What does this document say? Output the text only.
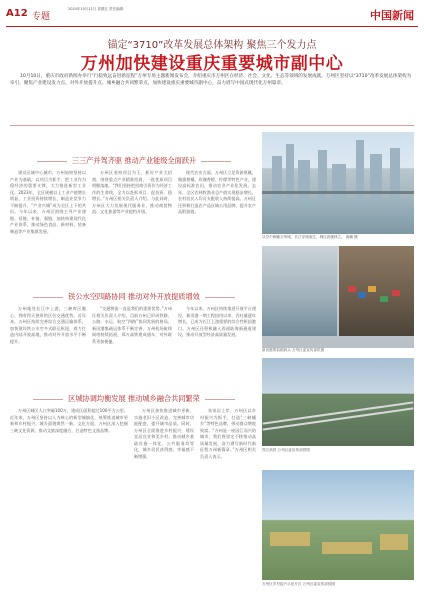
A12 专题
2024年10月11日 星期五 责任编辑：	中国新闻
锚定“3710”改革发展总体架构 聚焦三个发力点
万州加快建设重庆重要城市副中心
10月10日，重庆市政府新闻办举行“行稳致远奋进新征程”万州专场主题新闻发布会，介绍重庆市万州区在经济、社会、文化、生态等领域的发展成就。万州区坚持以“3710”改革发展总体架构为牵引，聚焦产业建设发力点、对外开放提升点、城乡融合共同繁荣点，加快建设重庆重要城市副中心，奋力谱写中国式现代化万州篇章。
三三产并驾齐驱 推动产业能级全面跃升

建设区域中心城市，万州始终坚持以产业为基础，以项目为抓手，把工业作为稳经济的重要支撑，大力推进新型工业化。2023年，全区规模以上工业产值增长明显，工业投资持续增长，制造业竞争力不断提升，“产业兴城”成为全区上下的共识。今年以来，万州区围绕主导产业建链、延链、补链、强链，加快构建现代化产业体系，推动绿色食品、新材料、装备制造等产业集群发展。

万州区坚持项目为王，抓好产业大招商，围绕重点产业精准招商，一批优质项目相继落地。“我们坚持把招商引资作为经济工作的生命线，全力以赴抓项目、促投资、稳增长。”万州区相关负责人介绍。与此同时，万州区大力发展现代服务业，推动商贸物流、文化旅游等产业提档升级。

现代农业方面，万州区立足资源禀赋，做强柑橘、玫瑰香橙、柠檬等特色产业，建设高标准农田，推动农业产业化发展。去年，全区农林牧渔业总产值实现稳步增长，农村居民人均可支配收入持续提高。万州区还积极打造农产品区域公用品牌，提升农产品附加值。

铁公水空四路协同 推动对外开放提质增效

万州地处长江中上游，三峡库区腹心，拥有得天独厚的区位交通优势。近年来，万州区持续完善综合交通运输体系，加快建设铁公水空多式联运枢纽，着力打造内陆开放高地，推动对外开放水平不断提升。

“交通物流一直是我们的重要优势。”万州区相关负责人介绍，目前万州已形成铁路、公路、水运、航空“四路”协同发展的格局。新田港集疏运体系不断完善，万州机场航线网络持续拓展，郑万高铁建成通车，对外联系更加便捷。

今年以来，万州区持续推进开放平台建设，新田港一期工程投用以来，吞吐量逐年增长，已成为长江上游重要的综合性枢纽港口。万州区还积极融入西部陆海新通道建设，推动开放型经济高质量发展。

区城协调均衡发展 推动城乡融合共同繁荣

万州区城区人口突破100万，建成区面积超过100平方公里。近年来，万州区坚持以人为核心的新型城镇化，统筹推进城市更新和乡村振兴，城乡面貌焕然一新。文化方面，万州区深入挖掘三峡文化资源，推动文旅深度融合，打造特色文旅品牌。

万州区加快推进城市更新，实施老旧小区改造，完善城市功能配套，提升城市品质。同时，万州区全面推进乡村振兴，建设宜居宜业和美乡村，推动城乡基础设施一体化、公共服务均等化，城乡居民获得感、幸福感不断增强。

朱家岩上岸，万州区以乡村振兴为抓手，打造“三峡橘乡”等特色品牌，带动群众增收致富。“万州是一座因江而兴的城市，我们将坚定不移推动高质量发展，奋力谱写新时代新征程万州新篇章。”万州区相关负责人表示。

从空中俯瞰万州城，长江穿城而过，城区高楼林立。 黄鹏 摄
新田港集装箱码头 万州区委宣传部供图
郑万高铁 万州区委宣传部供图
万州区乡村振兴示范片区 万州区委宣传部供图
